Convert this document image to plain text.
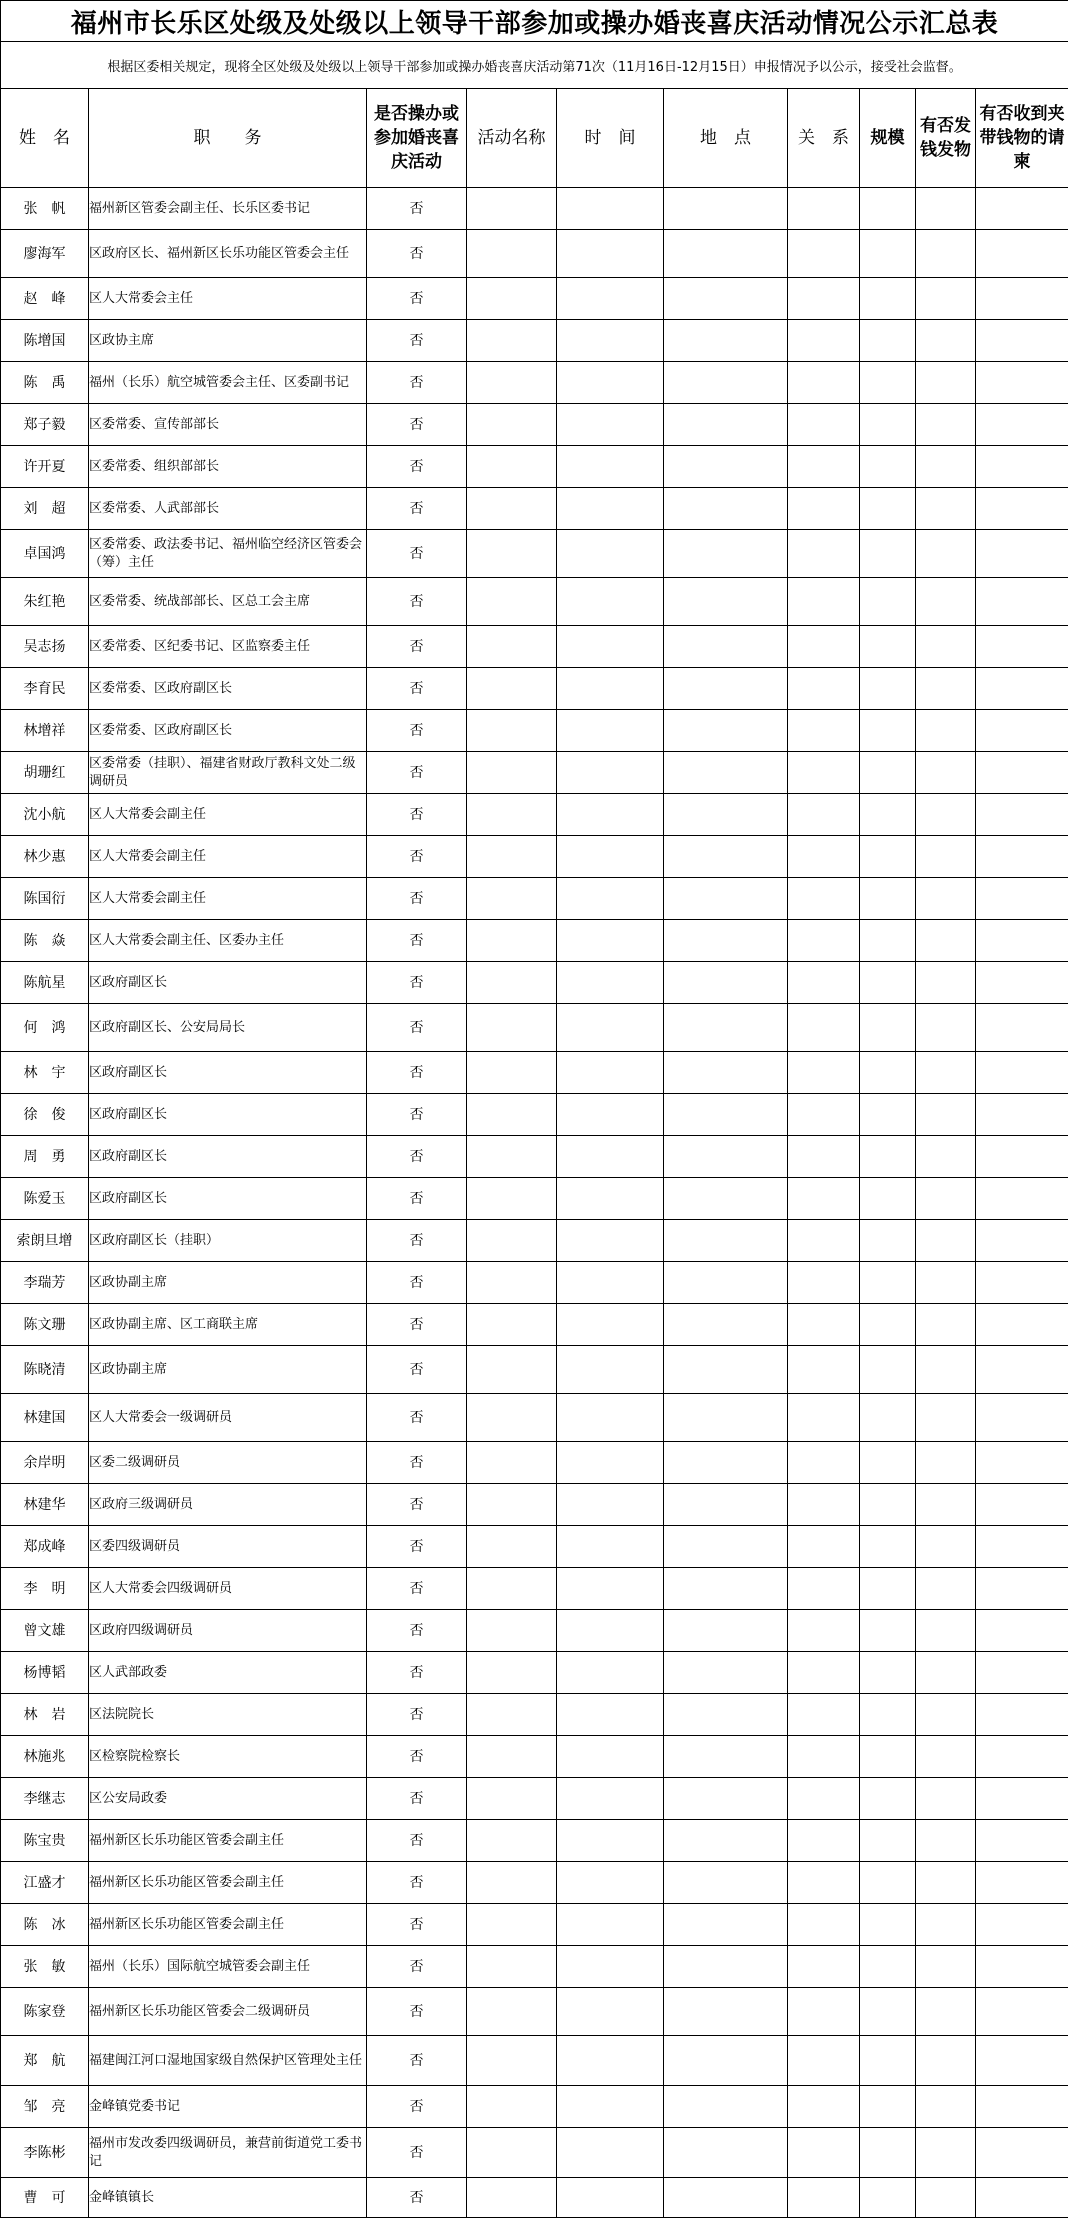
福州市长乐区处级及处级以上领导干部参加或操办婚丧喜庆活动情况公示汇总表									
根据区委相关规定，现将全区处级及处级以上领导干部参加或操办婚丧喜庆活动第71次（11月16日-12月15日）申报情况予以公示，接受社会监督。									
姓　名	职　　务	是否操办或参加婚丧喜庆活动	活动名称	时　间	地　点	关　系	规模	有否发钱发物	有否收到夹带钱物的请柬
张　帆	福州新区管委会副主任、长乐区委书记	否							
廖海军	区政府区长、福州新区长乐功能区管委会主任	否							
赵　峰	区人大常委会主任	否							
陈增国	区政协主席	否							
陈　禹	福州（长乐）航空城管委会主任、区委副书记	否							
郑子毅	区委常委、宣传部部长	否							
许开夏	区委常委、组织部部长	否							
刘　超	区委常委、人武部部长	否							
卓国鸿	区委常委、政法委书记、福州临空经济区管委会（筹）主任	否							
朱红艳	区委常委、统战部部长、区总工会主席	否							
吴志扬	区委常委、区纪委书记、区监察委主任	否							
李育民	区委常委、区政府副区长	否							
林增祥	区委常委、区政府副区长	否							
胡珊红	区委常委（挂职）、福建省财政厅教科文处二级调研员	否							
沈小航	区人大常委会副主任	否							
林少惠	区人大常委会副主任	否							
陈国衍	区人大常委会副主任	否							
陈　焱	区人大常委会副主任、区委办主任	否							
陈航星	区政府副区长	否							
何　鸿	区政府副区长、公安局局长	否							
林　宇	区政府副区长	否							
徐　俊	区政府副区长	否							
周　勇	区政府副区长	否							
陈爱玉	区政府副区长	否							
索朗旦增	区政府副区长（挂职）	否							
李瑞芳	区政协副主席	否							
陈文珊	区政协副主席、区工商联主席	否							
陈晓清	区政协副主席	否							
林建国	区人大常委会一级调研员	否							
余岸明	区委二级调研员	否							
林建华	区政府三级调研员	否							
郑成峰	区委四级调研员	否							
李　明	区人大常委会四级调研员	否							
曾文雄	区政府四级调研员	否							
杨博韬	区人武部政委	否							
林　岩	区法院院长	否							
林施兆	区检察院检察长	否							
李继志	区公安局政委	否							
陈宝贵	福州新区长乐功能区管委会副主任	否							
江盛才	福州新区长乐功能区管委会副主任	否							
陈　冰	福州新区长乐功能区管委会副主任	否							
张　敏	福州（长乐）国际航空城管委会副主任	否							
陈家登	福州新区长乐功能区管委会二级调研员	否							
郑　航	福建闽江河口湿地国家级自然保护区管理处主任	否							
邹　亮	金峰镇党委书记	否							
李陈彬	福州市发改委四级调研员，兼营前街道党工委书记	否							
曹　可	金峰镇镇长	否							
